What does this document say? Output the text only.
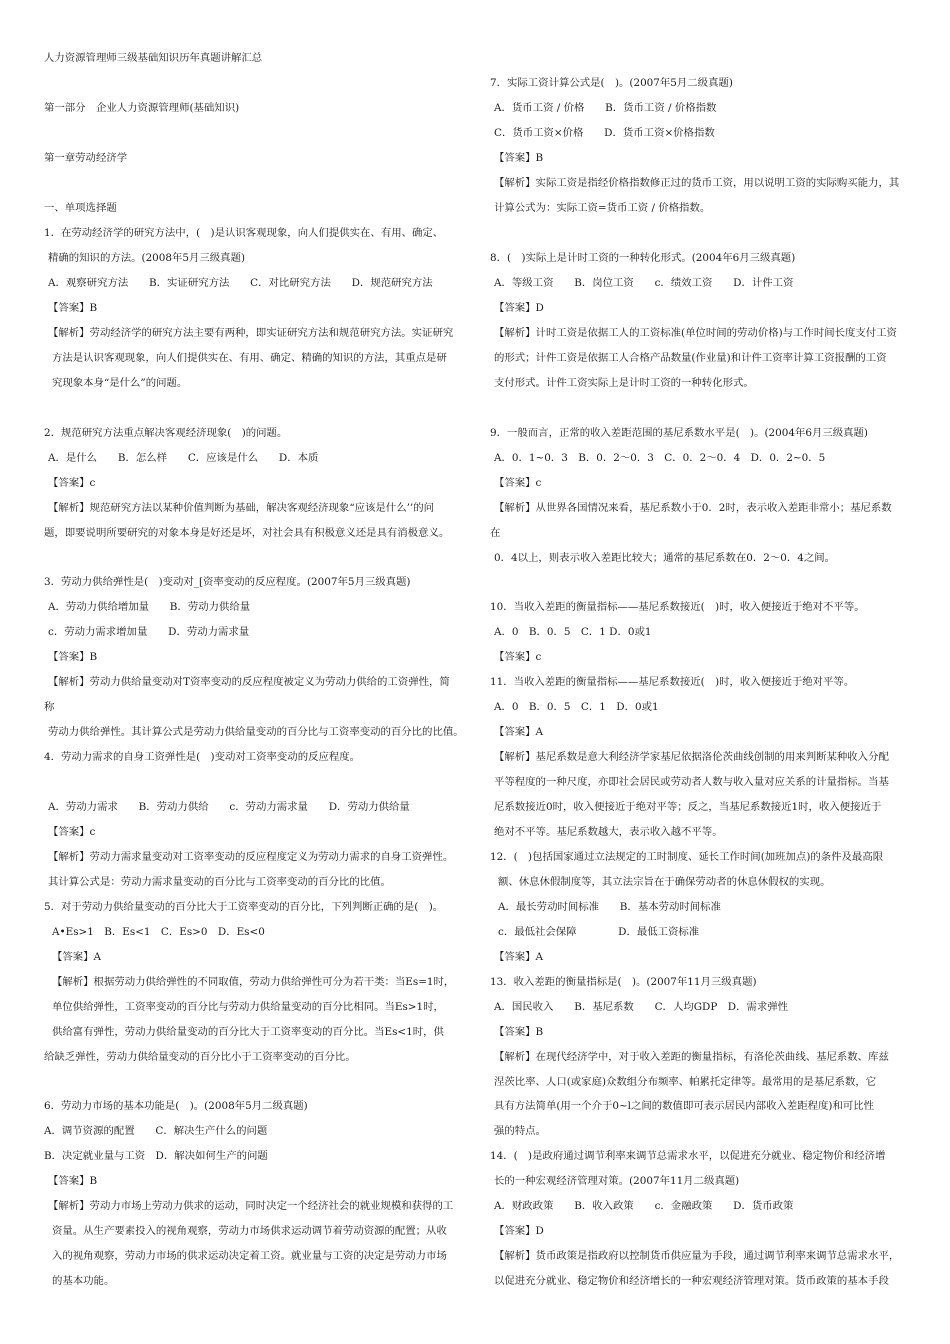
人力资源管理师三级基础知识历年真题讲解汇总
第一部分　企业人力资源管理师(基础知识)
第一章劳动经济学
一、单项选择题
1．在劳动经济学的研究方法中，(　)是认识客观现象，向人们提供实在、有用、确定、
精确的知识的方法。(2008年5月三级真题)
A．观察研究方法　　B．实证研究方法　　C．对比研究方法　　D．规范研究方法
【答案】B
【解析】劳动经济学的研究方法主要有两种，即实证研究方法和规范研究方法。实证研究
方法是认识客观现象，向人们提供实在、有用、确定、精确的知识的方法，其重点是研
究现象本身“是什么”的问题。
2．规范研究方法重点解决客观经济现象(　)的问题。
A．是什么　　B．怎么样　　C．应该是什么　　D．本质
【答案】c
【解析】规范研究方法以某种价值判断为基础，解决客观经济现象“应该是什么’’的问
题，即要说明所要研究的对象本身是好还是坏，对社会具有积极意义还是具有消极意义。
3．劳动力供给弹性是(　)变动对_[资率变动的反应程度。(2007年5月三级真题)
A．劳动力供给增加量　　B．劳动力供给量
c．劳动力需求增加量　　D．劳动力需求量
【答案】B
【解析】劳动力供给量变动对T资率变动的反应程度被定义为劳动力供给的工资弹性，简
称
劳动力供给弹性。其计算公式是劳动力供给量变动的百分比与工资率变动的百分比的比值。
4．劳动力需求的自身工资弹性是(　)变动对工资率变动的反应程度。
A．劳动力需求　　B．劳动力供给　　c．劳动力需求量　　D．劳动力供给量
【答案】c
【解析】劳动力需求量变动对工资率变动的反应程度定义为劳动力需求的自身工资弹性。
其计算公式是：劳动力需求量变动的百分比与工资率变动的百分比的比值。
5．对于劳动力供给量变动的百分比大于工资率变动的百分比，下列判断正确的是(　)。
A•Es>1　B．Es<1　C．Es>0　D．Es<0
【答案】A
【解析】根据劳动力供给弹性的不同取值，劳动力供给弹性可分为若干类：当Es=1时，
单位供给弹性，工资率变动的百分比与劳动力供给量变动的百分比相同。当Es>1时，
供给富有弹性，劳动力供给量变动的百分比大于工资率变动的百分比。当Es<1时，供
给缺乏弹性，劳动力供给量变动的百分比小于工资率变动的百分比。
6．劳动力市场的基本功能是(　)。(2008年5月二级真题)
A．调节资源的配置　　C．解决生产什么的问题
B．决定就业量与工资　D．解决如何生产的问题
【答案】B
【解析】劳动力市场上劳动力供求的运动，同时决定一个经济社会的就业规模和获得的工
资量。从生产要素投入的视角观察，劳动力市场供求运动调节着劳动资源的配置；从收
入的视角观察，劳动力市场的供求运动决定着工资。就业量与工资的决定是劳动力市场
的基本功能。
7．实际工资计算公式是(　)。(2007年5月二级真题)
A．货币工资 / 价格　　B．货币工资 / 价格指数
C．货币工资×价格　　D．货币工资×价格指数
【答案】B
【解析】实际工资是指经价格指数修正过的货币工资，用以说明工资的实际购买能力，其
计算公式为：实际工资=货币工资 / 价格指数。
8．(　)实际上是计时工资的一种转化形式。(2004年6月三级真题)
A．等级工资　　B．岗位工资　　c．绩效工资　　D．计件工资
【答案】D
【解析】计时工资是依据工人的工资标准(单位时间的劳动价格)与工作时间长度支付工资
的形式；计件工资是依据工人合格产品数量(作业量)和计件工资率计算工资报酬的工资
支付形式。计件工资实际上是计时工资的一种转化形式。
9．一般而言，正常的收入差距范围的基尼系数水平是(　)。(2004年6月三级真题)
A．0．1~0．3　B．0．2～0．3　C．0．2～0．4　D．0．2~0．5
【答案】c
【解析】从世界各国情况来看，基尼系数小于0．2时，表示收入差距非常小；基尼系数
在
0．4以上，则表示收入差距比较大；通常的基尼系数在0．2～0．4之间。
10．当收入差距的衡量指标——基尼系数接近(　)时，收入便接近于绝对不平等。
A．0　B．0．5　C．1 D．0或1
【答案】c
11．当收入差距的衡量指标——基尼系数接近(　)时，收入便接近于绝对平等。
A．0　B．0．5　C．1　D．0或1
【答案】A
【解析】基尼系数是意大利经济学家基尼依据洛伦茨曲线创制的用来判断某种收入分配
平等程度的一种尺度，亦即社会居民或劳动者人数与收入量对应关系的计量指标。当基
尼系数接近0时，收入便接近于绝对平等；反之，当基尼系数接近1时，收入便接近于
绝对不平等。基尼系数越大，表示收入越不平等。
12．(　)包括国家通过立法规定的工时制度、延长工作时间(加班加点)的条件及最高限
额、休息休假制度等，其立法宗旨在于确保劳动者的休息休假权的实现。
A．最长劳动时间标准　　B．基本劳动时间标准
c．最低社会保障　　　　D．最低工资标准
【答案】A
13．收入差距的衡量指标是(　)。(2007年11月三级真题)
A．国民收入　　B．基尼系数　　C．人均GDP　D．需求弹性
【答案】B
【解析】在现代经济学中，对于收入差距的衡量指标，有洛伦茨曲线、基尼系数、库兹
涅茨比率、人口(或家庭)众数组分布频率、帕累托定律等。最常用的是基尼系数，它
具有方法简单(用一个介于0~l之间的数值即可表示居民内部收入差距程度)和可比性
强的特点。
14．(　)是政府通过调节利率来调节总需求水平，以促进充分就业、稳定物价和经济增
长的一种宏观经济管理对策。(2007年11月二级真题)
A．财政政策　　B．收入政策　　c．金融政策　　D．货币政策
【答案】D
【解析】货币政策是指政府以控制货币供应量为手段，通过调节利率来调节总需求水平，
以促进充分就业、稳定物价和经济增长的一种宏观经济管理对策。货币政策的基本手段
